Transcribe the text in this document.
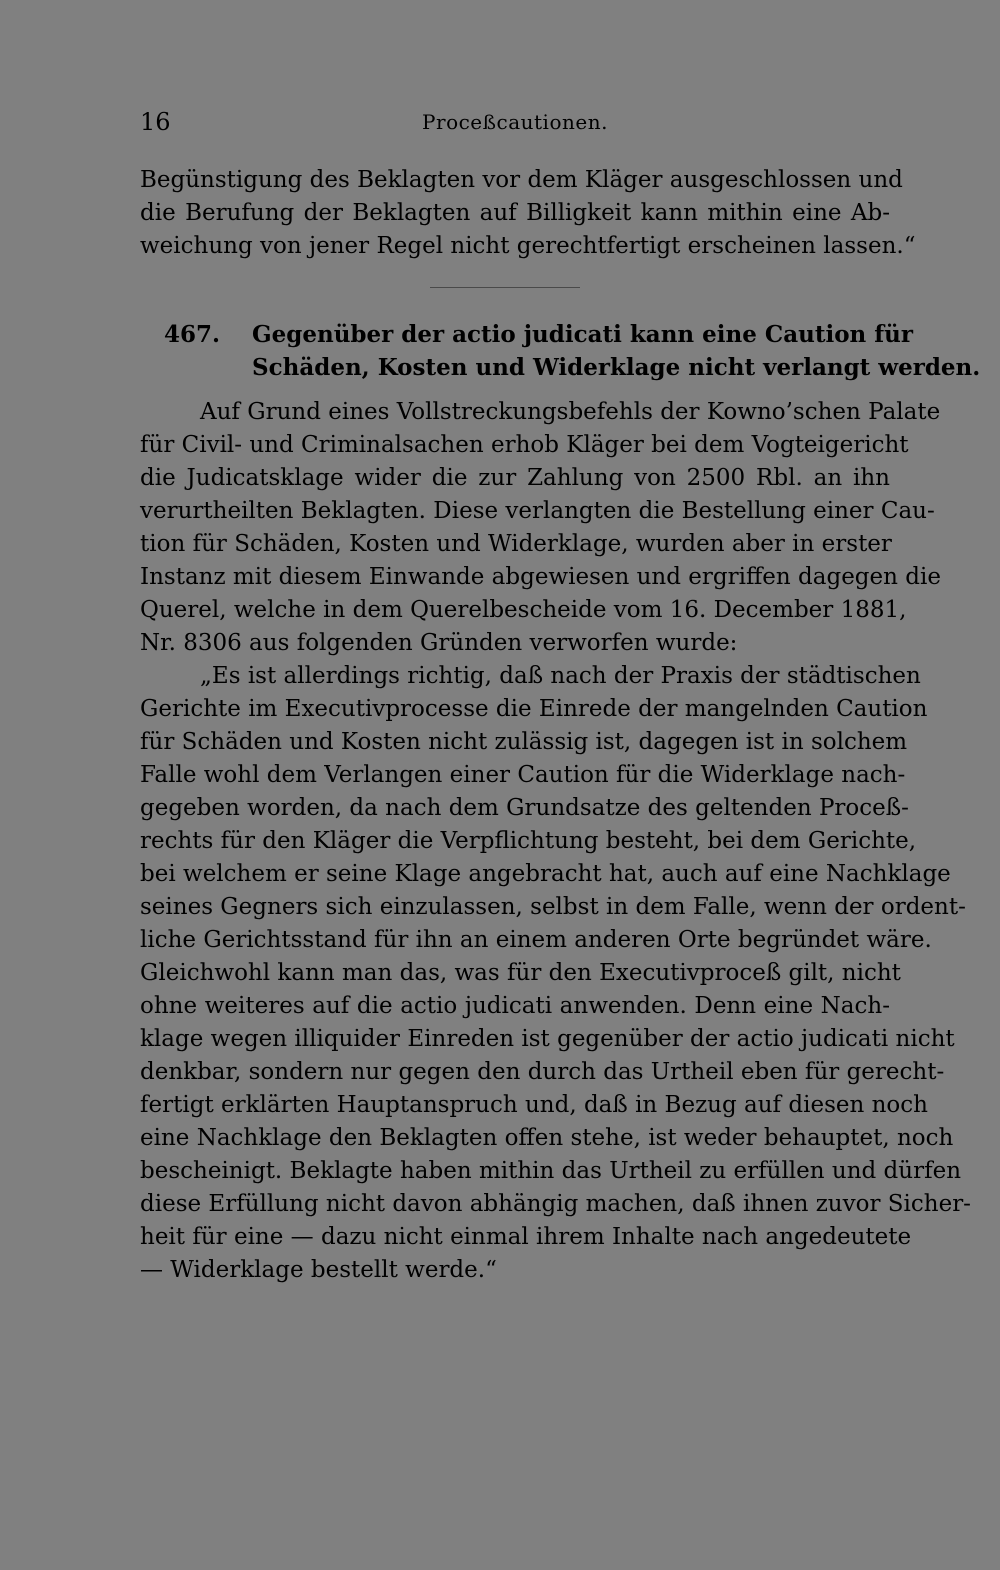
16	Proceßcautionen.
Begünstigung des Beklagten vor dem Kläger ausgeschlossen und
die Berufung der Beklagten auf Billigkeit kann mithin eine Ab-
weichung von jener Regel nicht gerechtfertigt erscheinen lassen.“
467. Gegenüber der actio judicati kann eine Caution für
Schäden, Kosten und Widerklage nicht verlangt werden.
Auf Grund eines Vollstreckungsbefehls der Kowno’schen Palate
für Civil- und Criminalsachen erhob Kläger bei dem Vogteigericht
die Judicatsklage wider die zur Zahlung von 2500 Rbl. an ihn
verurtheilten Beklagten. Diese verlangten die Bestellung einer Cau-
tion für Schäden, Kosten und Widerklage, wurden aber in erster
Instanz mit diesem Einwande abgewiesen und ergriffen dagegen die
Querel, welche in dem Querelbescheide vom 16. December 1881,
Nr. 8306 aus folgenden Gründen verworfen wurde:
„Es ist allerdings richtig, daß nach der Praxis der städtischen
Gerichte im Executivprocesse die Einrede der mangelnden Caution
für Schäden und Kosten nicht zulässig ist, dagegen ist in solchem
Falle wohl dem Verlangen einer Caution für die Widerklage nach-
gegeben worden, da nach dem Grundsatze des geltenden Proceß-
rechts für den Kläger die Verpflichtung besteht, bei dem Gerichte,
bei welchem er seine Klage angebracht hat, auch auf eine Nachklage
seines Gegners sich einzulassen, selbst in dem Falle, wenn der ordent-
liche Gerichtsstand für ihn an einem anderen Orte begründet wäre.
Gleichwohl kann man das, was für den Executivproceß gilt, nicht
ohne weiteres auf die actio judicati anwenden. Denn eine Nach-
klage wegen illiquider Einreden ist gegenüber der actio judicati nicht
denkbar, sondern nur gegen den durch das Urtheil eben für gerecht-
fertigt erklärten Hauptanspruch und, daß in Bezug auf diesen noch
eine Nachklage den Beklagten offen stehe, ist weder behauptet, noch
bescheinigt. Beklagte haben mithin das Urtheil zu erfüllen und dürfen
diese Erfüllung nicht davon abhängig machen, daß ihnen zuvor Sicher-
heit für eine — dazu nicht einmal ihrem Inhalte nach angedeutete
— Widerklage bestellt werde.“
